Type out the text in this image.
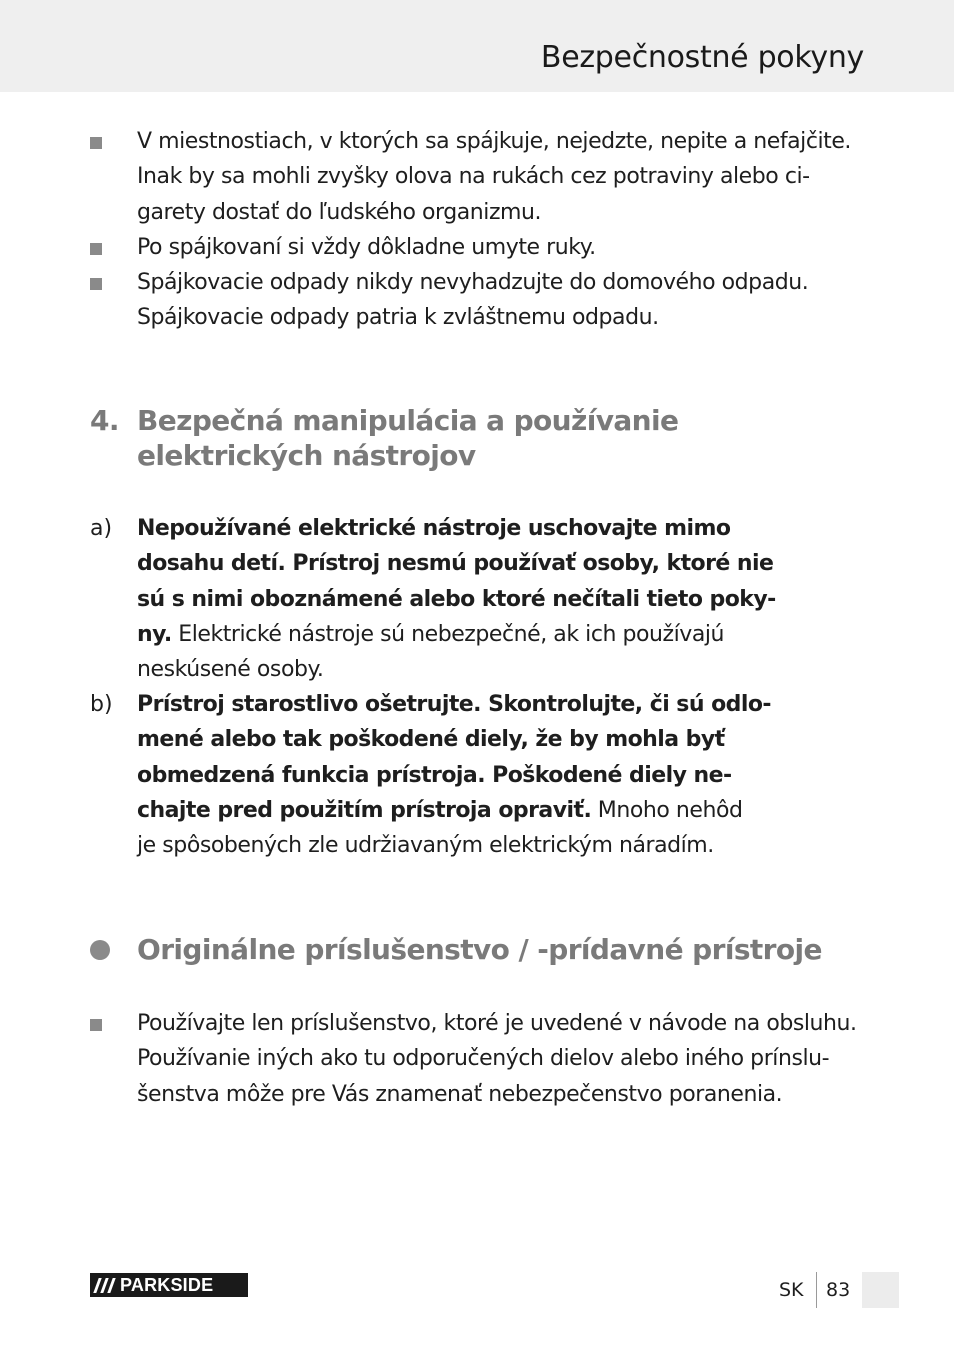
Bezpečnostné pokyny
V miestnostiach, v ktorých sa spájkuje, nejedzte, nepite a nefajčite.
Inak by sa mohli zvyšky olova na rukách cez potraviny alebo ci-
garety dostať do ľudského organizmu.
Po spájkovaní si vždy dôkladne umyte ruky.
Spájkovacie odpady nikdy nevyhadzujte do domového odpadu.
Spájkovacie odpady patria k zvláštnemu odpadu.
4. Bezpečná manipulácia a používanie
elektrických nástrojov
a) Nepoužívané elektrické nástroje uschovajte mimo
dosahu detí. Prístroj nesmú používať osoby, ktoré nie
sú s nimi oboznámené alebo ktoré nečítali tieto poky-
ny. Elektrické nástroje sú nebezpečné, ak ich používajú
neskúsené osoby.
b) Prístroj starostlivo ošetrujte. Skontrolujte, či sú odlo-
mené alebo tak poškodené diely, že by mohla byť
obmedzená funkcia prístroja. Poškodené diely ne-
chajte pred použitím prístroja opraviť. Mnoho nehôd
je spôsobených zle udržiavaným elektrickým náradím.
Originálne príslušenstvo / -prídavné prístroje
Používajte len príslušenstvo, ktoré je uvedené v návode na obsluhu.
Používanie iných ako tu odporučených dielov alebo iného prínslu-
šenstva môže pre Vás znamenať nebezpečenstvo poranenia.
PARKSIDE	SK 83
